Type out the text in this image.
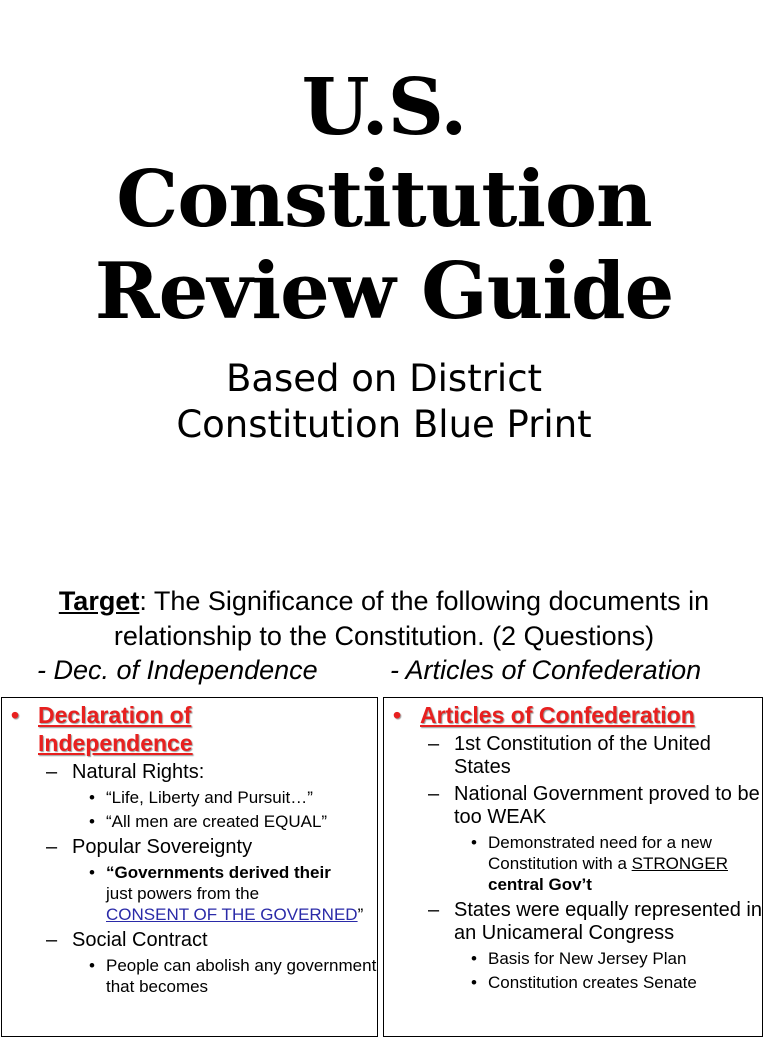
U.S.
Constitution
Review Guide
Based on District
Constitution Blue Print
Target: The Significance of the following documents in relationship to the Constitution. (2 Questions)
- Dec. of Independence	- Articles of Confederation
• Declaration of
Independence
– Natural Rights:
• “Life, Liberty and Pursuit…”
• “All men are created EQUAL”
– Popular Sovereignty
• “Governments derived their
just powers from the
CONSENT OF THE GOVERNED”
– Social Contract
• People can abolish any government that becomes
• Articles of Confederation
– 1st Constitution of the United States
– National Government proved to be too WEAK
• Demonstrated need for a new Constitution with a STRONGER central Gov’t
– States were equally represented in an Unicameral Congress
• Basis for New Jersey Plan
• Constitution creates Senate
